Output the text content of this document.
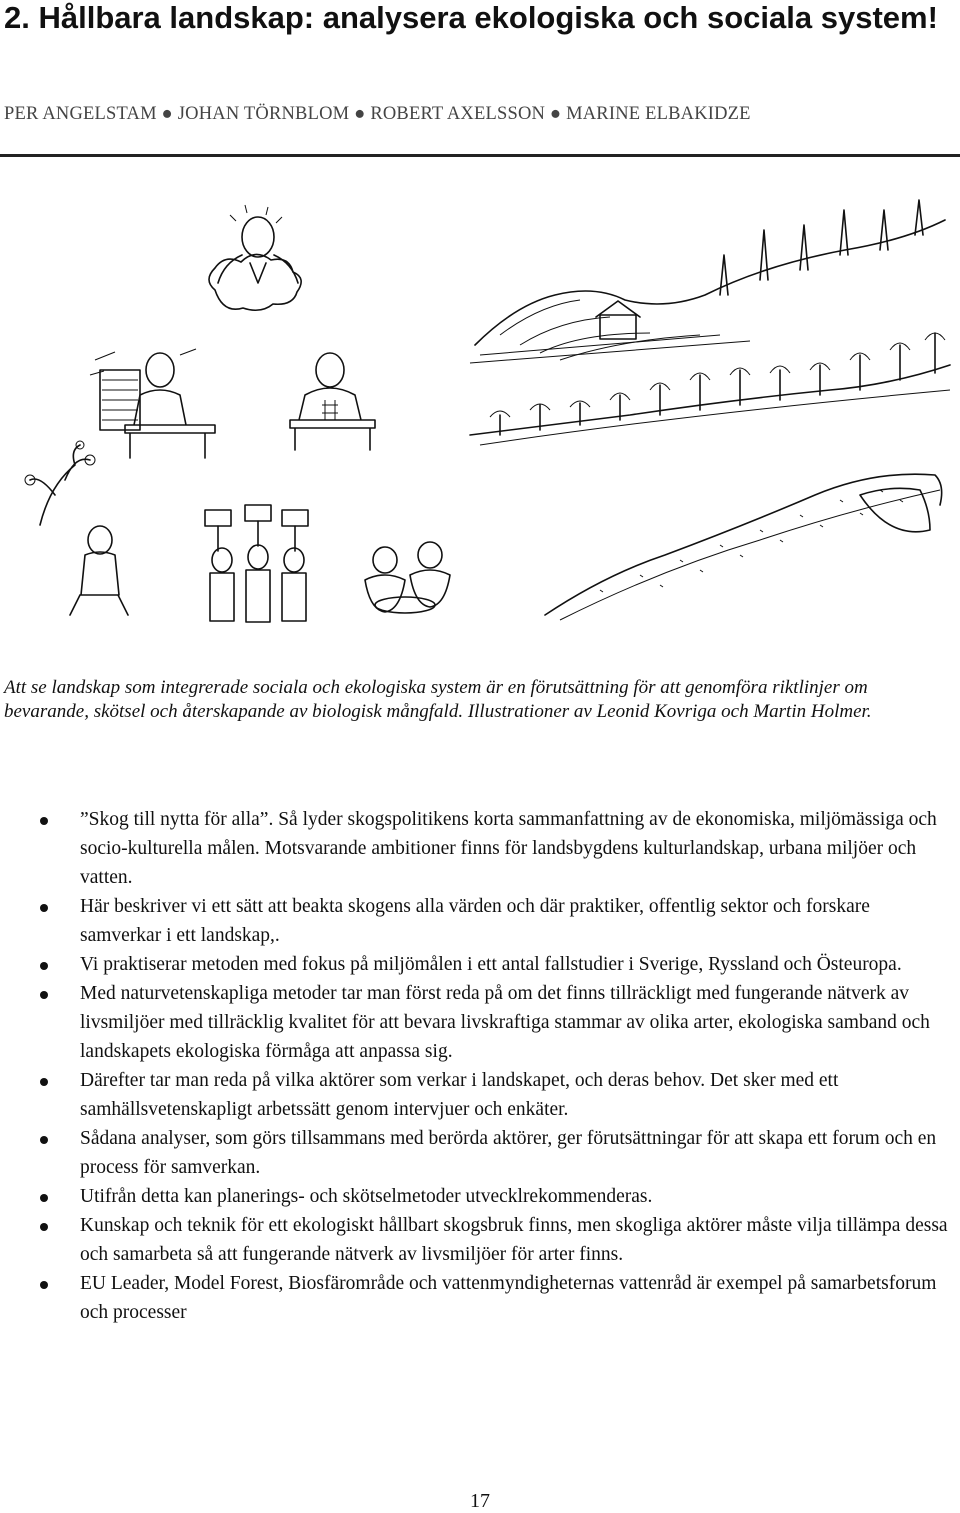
2. Hållbara landskap: analysera ekologiska och sociala system!
PER ANGELSTAM ● JOHAN TÖRNBLOM ● ROBERT AXELSSON ● MARINE ELBAKIDZE
Att se landskap som integrerade sociala och ekologiska system är en förutsättning för att genomföra riktlinjer om bevarande, skötsel och återskapande av biologisk mångfald. Illustrationer av Leonid Kovriga och Martin Holmer.
”Skog till nytta för alla”. Så lyder skogspolitikens korta sammanfattning av de ekonomiska, miljömässiga och socio-kulturella målen. Motsvarande ambitioner finns för landsbygdens kulturlandskap, urbana miljöer och vatten.
Här beskriver vi ett sätt att beakta skogens alla värden och där praktiker, offentlig sektor och forskare samverkar i ett landskap,.
Vi praktiserar metoden med fokus på miljömålen i ett antal fallstudier i Sverige, Ryssland och Östeuropa.
Med naturvetenskapliga metoder tar man först reda på om det finns tillräckligt med fungerande nätverk av livsmiljöer med tillräcklig kvalitet för att bevara livskraftiga stammar av olika arter, ekologiska samband och landskapets ekologiska förmåga att anpassa sig.
Därefter tar man reda på vilka aktörer som verkar i landskapet, och deras behov. Det sker med ett samhällsvetenskapligt arbetssätt genom intervjuer och enkäter.
Sådana analyser, som görs tillsammans med berörda aktörer, ger förutsättningar för att skapa ett forum och en process för samverkan.
Utifrån detta kan planerings- och skötselmetoder utvecklrekommenderas.
Kunskap och teknik för ett ekologiskt hållbart skogsbruk finns, men skogliga aktörer måste vilja tillämpa dessa och samarbeta så att fungerande nätverk av livsmiljöer för arter finns.
EU Leader, Model Forest, Biosfärområde och vattenmyndigheternas vattenråd är exempel på samarbetsforum och processer
17
